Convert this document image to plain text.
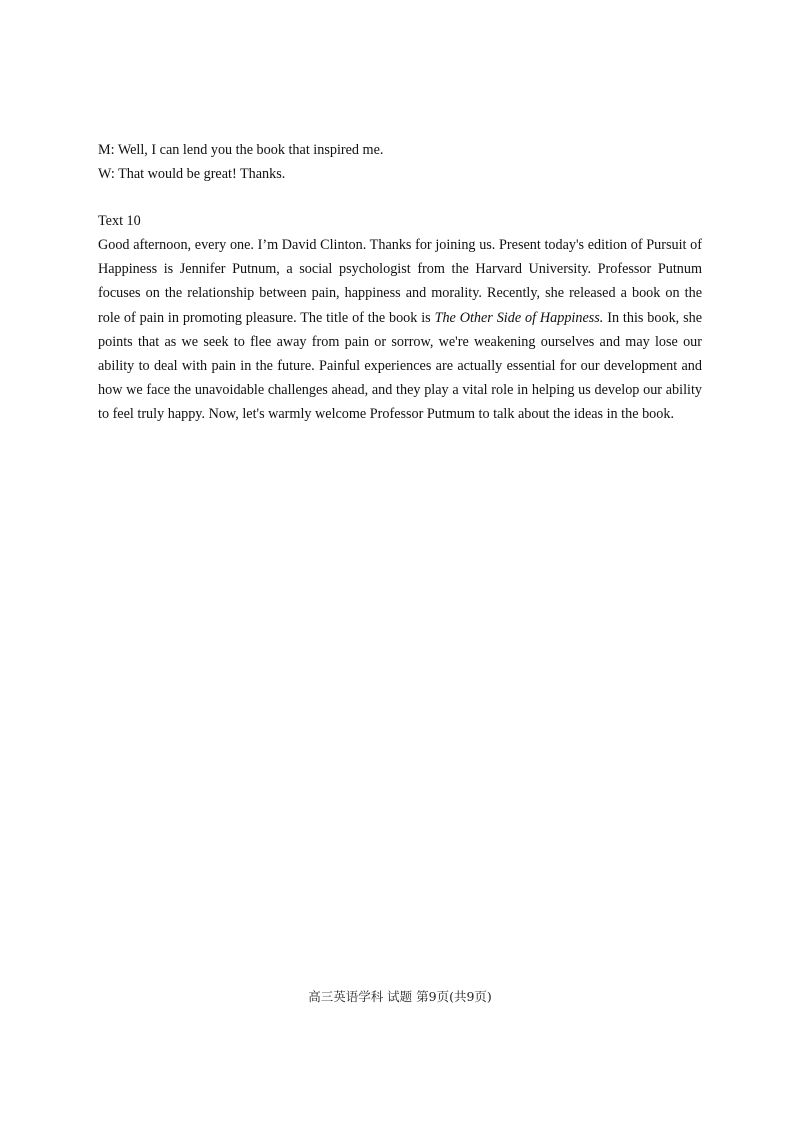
M: Well, I can lend you the book that inspired me.

W: That would be great! Thanks.

Text 10

Good afternoon, every one. I’m David Clinton. Thanks for joining us. Present today's edition of Pursuit of Happiness is Jennifer Putnum, a social psychologist from the Harvard University. Professor Putnum focuses on the relationship between pain, happiness and morality. Recently, she released a book on the role of pain in promoting pleasure. The title of the book is The Other Side of Happiness. In this book, she points that as we seek to flee away from pain or sorrow, we're weakening ourselves and may lose our ability to deal with pain in the future. Painful experiences are actually essential for our development and how we face the unavoidable challenges ahead, and they play a vital role in helping us develop our ability to feel truly happy. Now, let's warmly welcome Professor Putmum to talk about the ideas in the book.

高三英语学科 试题 第9页(共9页)
